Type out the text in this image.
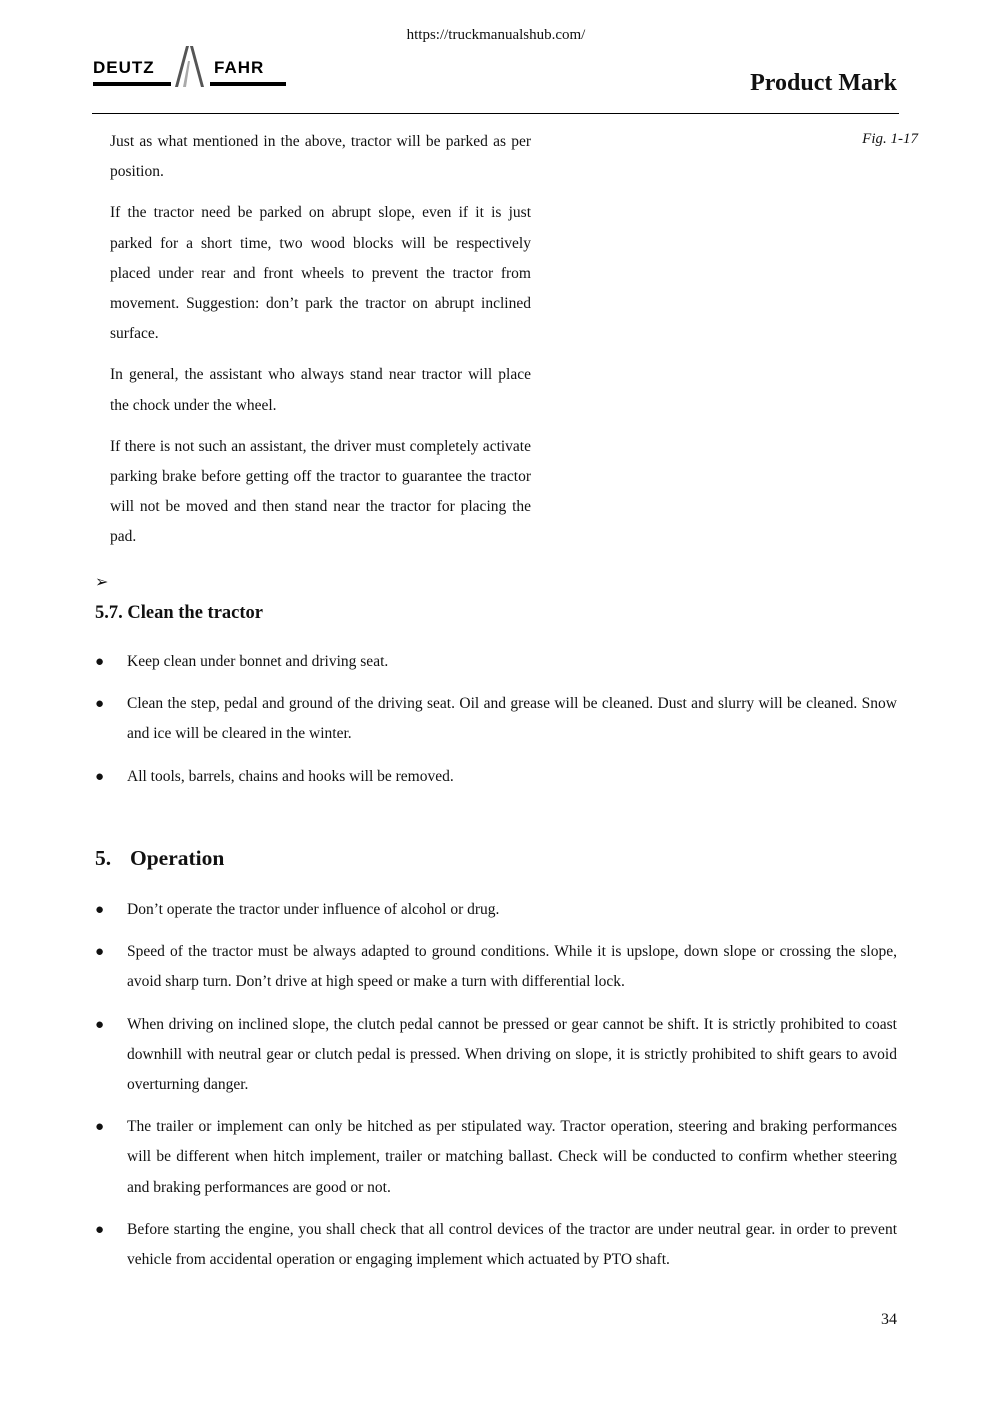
https://truckmanualshub.com/
DEUTZ	FAHR
Product Mark
Fig. 1-17

Just as what mentioned in the above, tractor will be parked as per position.

If the tractor need be parked on abrupt slope, even if it is just parked for a short time, two wood blocks will be respectively placed under rear and front wheels to prevent the tractor from movement. Suggestion: don’t park the tractor on abrupt inclined surface.

In general, the assistant who always stand near tractor will place the chock under the wheel.

If there is not such an assistant, the driver must completely activate parking brake before getting off the tractor to guarantee the tractor will not be moved and then stand near the tractor for placing the pad.

➢
5.7. Clean the tractor
● Keep clean under bonnet and driving seat.
● Clean the step, pedal and ground of the driving seat. Oil and grease will be cleaned. Dust and slurry will be cleaned. Snow and ice will be cleared in the winter.
● All tools, barrels, chains and hooks will be removed.
5. Operation
● Don’t operate the tractor under influence of alcohol or drug.
● Speed of the tractor must be always adapted to ground conditions. While it is upslope, down slope or crossing the slope, avoid sharp turn. Don’t drive at high speed or make a turn with differential lock.
● When driving on inclined slope, the clutch pedal cannot be pressed or gear cannot be shift. It is strictly prohibited to coast downhill with neutral gear or clutch pedal is pressed. When driving on slope, it is strictly prohibited to shift gears to avoid overturning danger.
● The trailer or implement can only be hitched as per stipulated way. Tractor operation, steering and braking performances will be different when hitch implement, trailer or matching ballast. Check will be conducted to confirm whether steering and braking performances are good or not.
● Before starting the engine, you shall check that all control devices of the tractor are under neutral gear. in order to prevent vehicle from accidental operation or engaging implement which actuated by PTO shaft.
34
